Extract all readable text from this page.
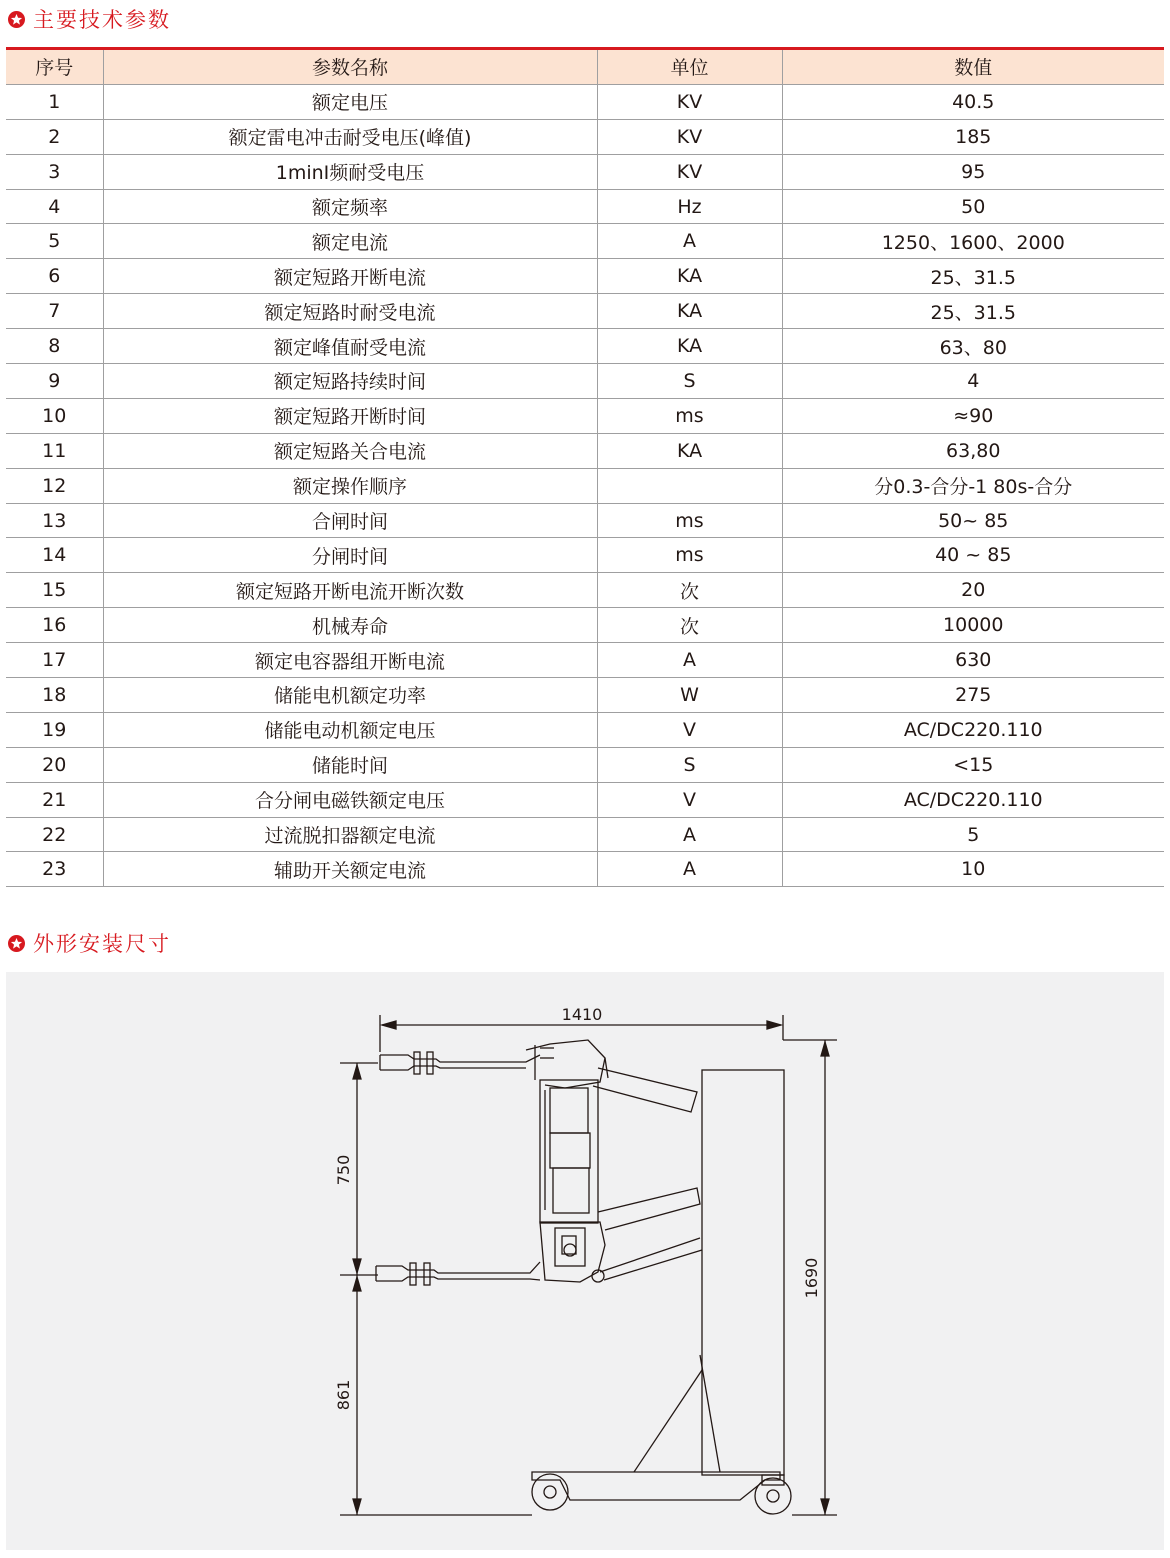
主要技术参数
序号	参数名称	单位	数值
1	额定电压	KV	40.5
2	额定雷电冲击耐受电压(峰值)	KV	185
3	1minI频耐受电压	KV	95
4	额定频率	Hz	50
5	额定电流	A	1250、1600、2000
6	额定短路开断电流	KA	25、31.5
7	额定短路时耐受电流	KA	25、31.5
8	额定峰值耐受电流	KA	63、80
9	额定短路持续时间	S	4
10	额定短路开断时间	ms	≈90
11	额定短路关合电流	KA	63,80
12	额定操作顺序		分0.3-合分-1 80s-合分
13	合闸时间	ms	50~ 85
14	分闸时间	ms	40 ~ 85
15	额定短路开断电流开断次数	次	20
16	机械寿命	次	10000
17	额定电容器组开断电流	A	630
18	储能电机额定功率	W	275
19	储能电动机额定电压	V	AC/DC220.110
20	储能时间	S	<15
21	合分闸电磁铁额定电压	V	AC/DC220.110
22	过流脱扣器额定电流	A	5
23	辅助开关额定电流	A	10
外形安装尺寸
1410
750
861
1690
